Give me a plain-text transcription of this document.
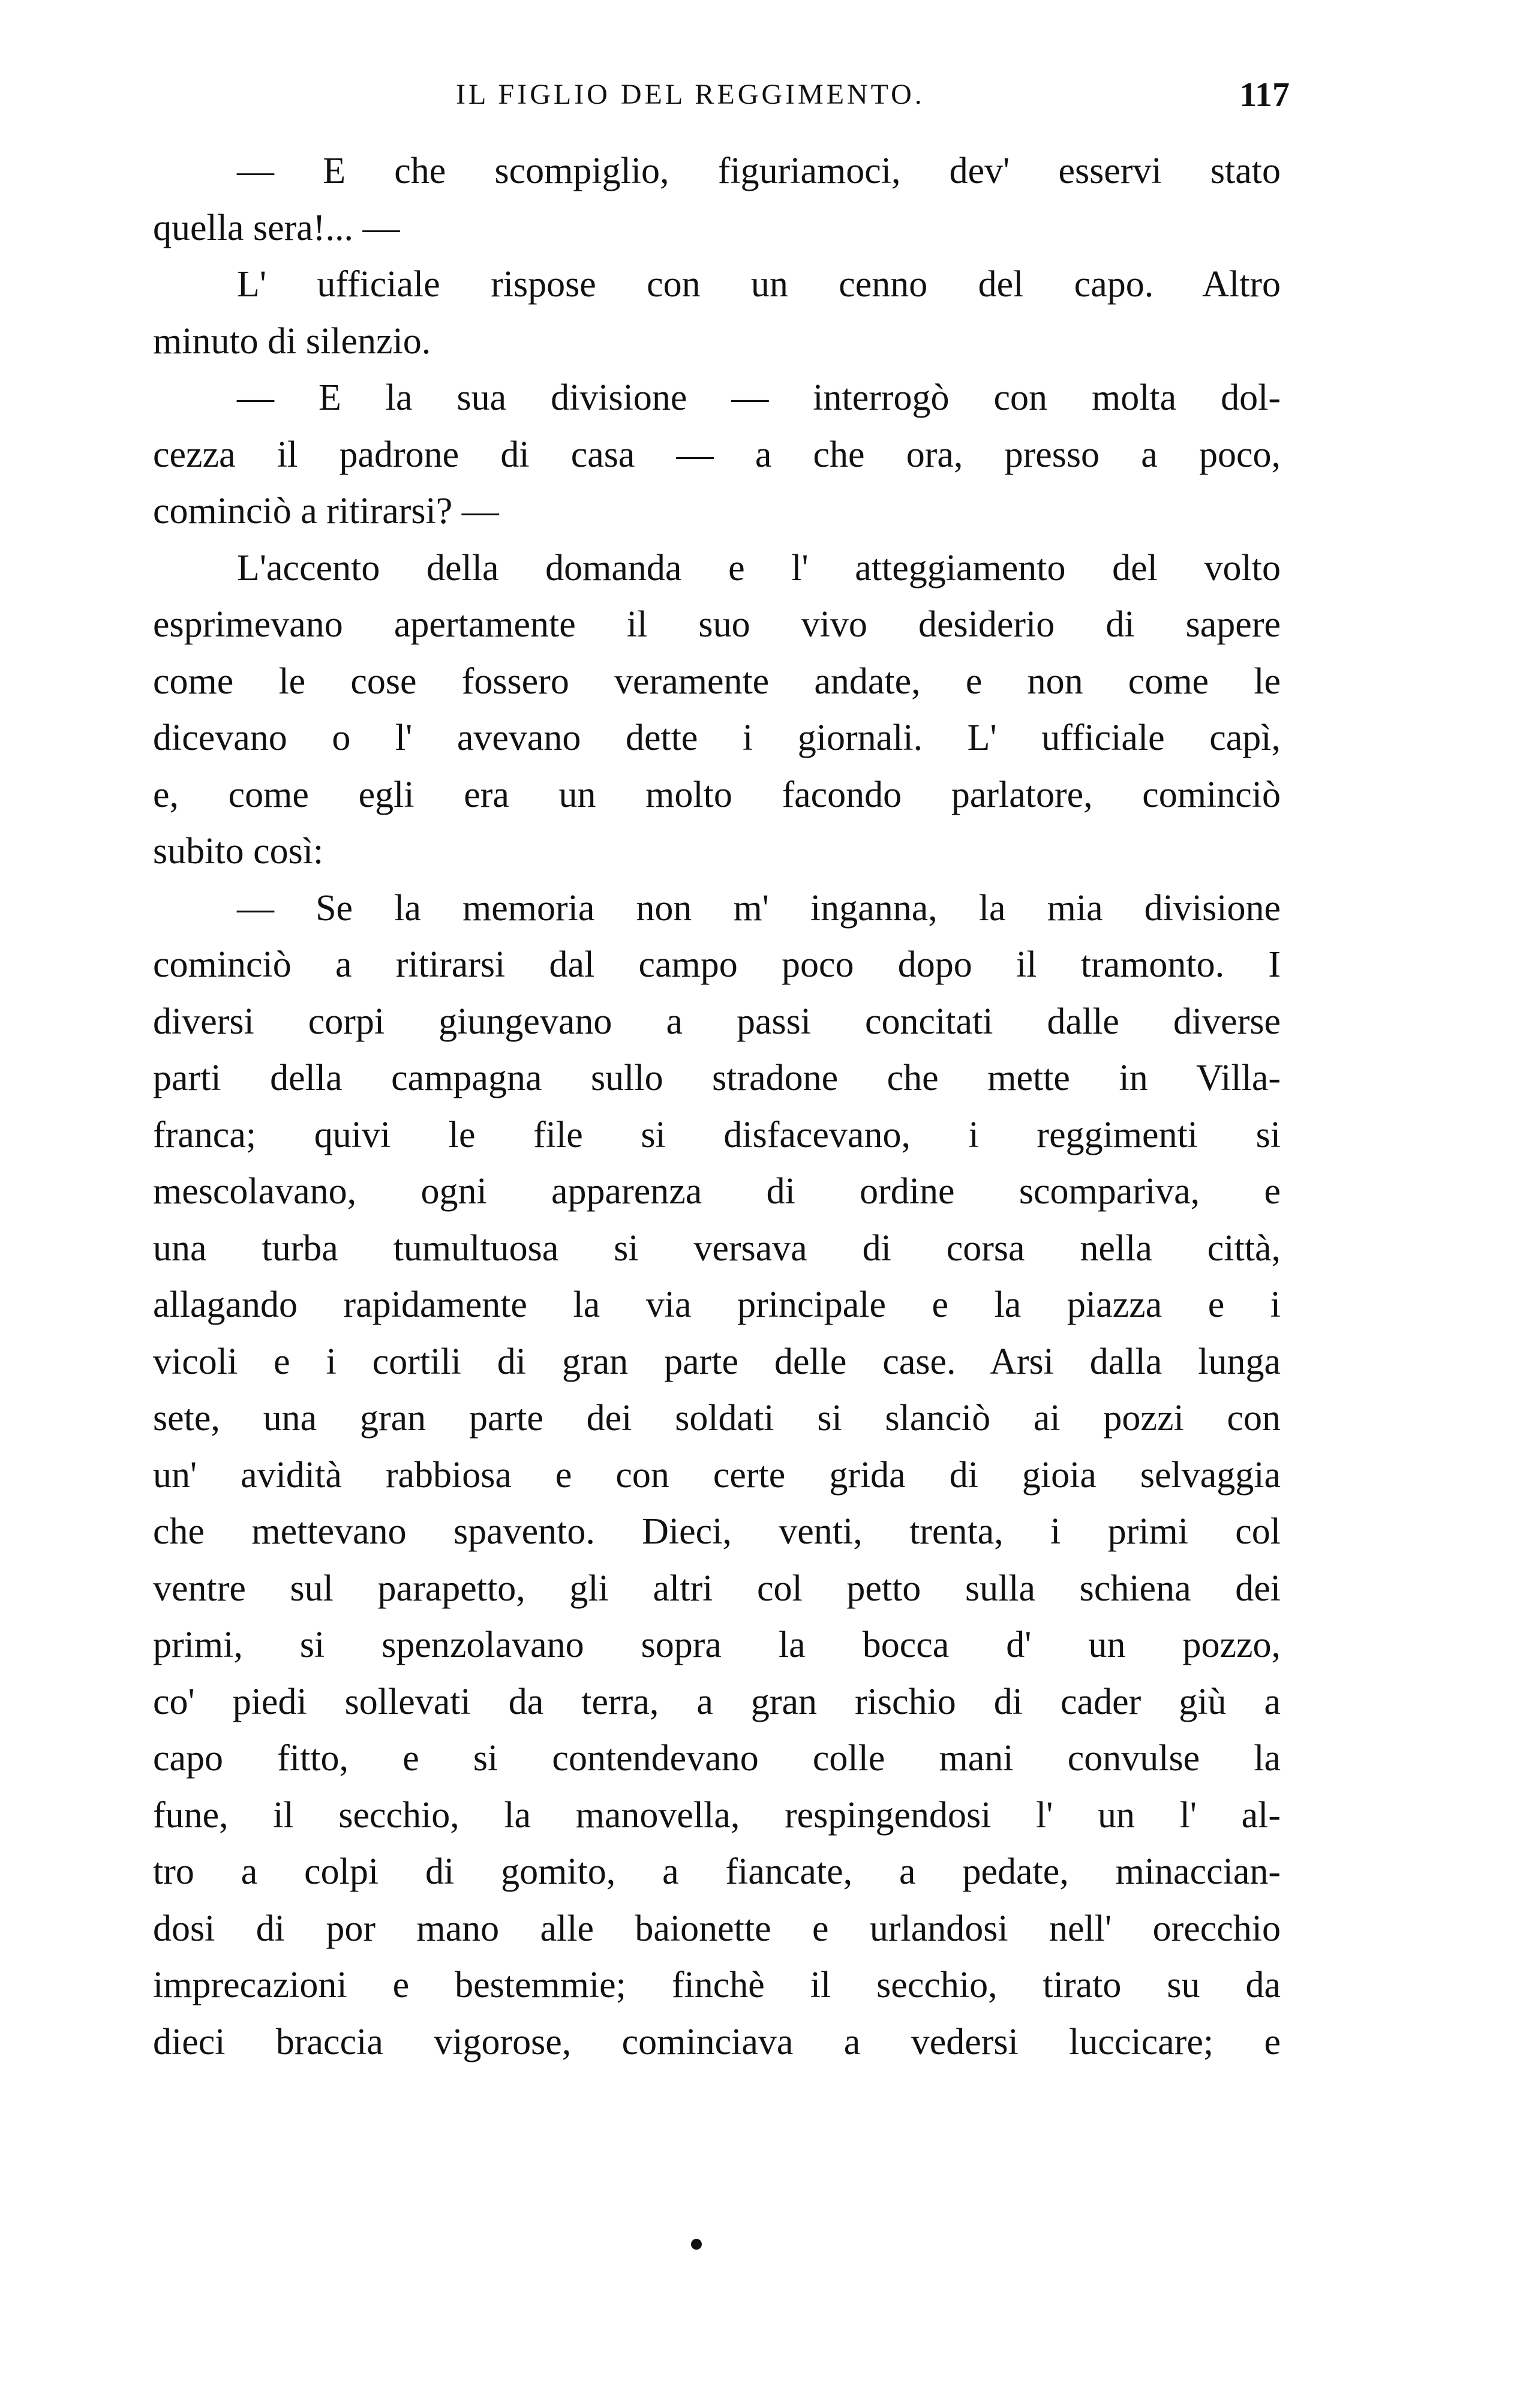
IL FIGLIO DEL REGGIMENTO.	117
— E che scompiglio, figuriamoci, dev' esservi stato
quella sera!... —
L' ufficiale rispose con un cenno del capo. Altro
minuto di silenzio.
— E la sua divisione — interrogò con molta dol-
cezza il padrone di casa — a che ora, presso a poco,
cominciò a ritirarsi? —
L'accento della domanda e l' atteggiamento del volto
esprimevano apertamente il suo vivo desiderio di sapere
come le cose fossero veramente andate, e non come le
dicevano o l' avevano dette i giornali. L' ufficiale capì,
e, come egli era un molto facondo parlatore, cominciò
subito così:
— Se la memoria non m' inganna, la mia divisione
cominciò a ritirarsi dal campo poco dopo il tramonto. I
diversi corpi giungevano a passi concitati dalle diverse
parti della campagna sullo stradone che mette in Villa-
franca; quivi le file si disfacevano, i reggimenti si
mescolavano, ogni apparenza di ordine scompariva, e
una turba tumultuosa si versava di corsa nella città,
allagando rapidamente la via principale e la piazza e i
vicoli e i cortili di gran parte delle case. Arsi dalla lunga
sete, una gran parte dei soldati si slanciò ai pozzi con
un' avidità rabbiosa e con certe grida di gioia selvaggia
che mettevano spavento. Dieci, venti, trenta, i primi col
ventre sul parapetto, gli altri col petto sulla schiena dei
primi, si spenzolavano sopra la bocca d' un pozzo,
co' piedi sollevati da terra, a gran rischio di cader giù a
capo fitto, e si contendevano colle mani convulse la
fune, il secchio, la manovella, respingendosi l' un l' al-
tro a colpi di gomito, a fiancate, a pedate, minaccian-
dosi di por mano alle baionette e urlandosi nell' orecchio
imprecazioni e bestemmie; finchè il secchio, tirato su da
dieci braccia vigorose, cominciava a vedersi luccicare; e
